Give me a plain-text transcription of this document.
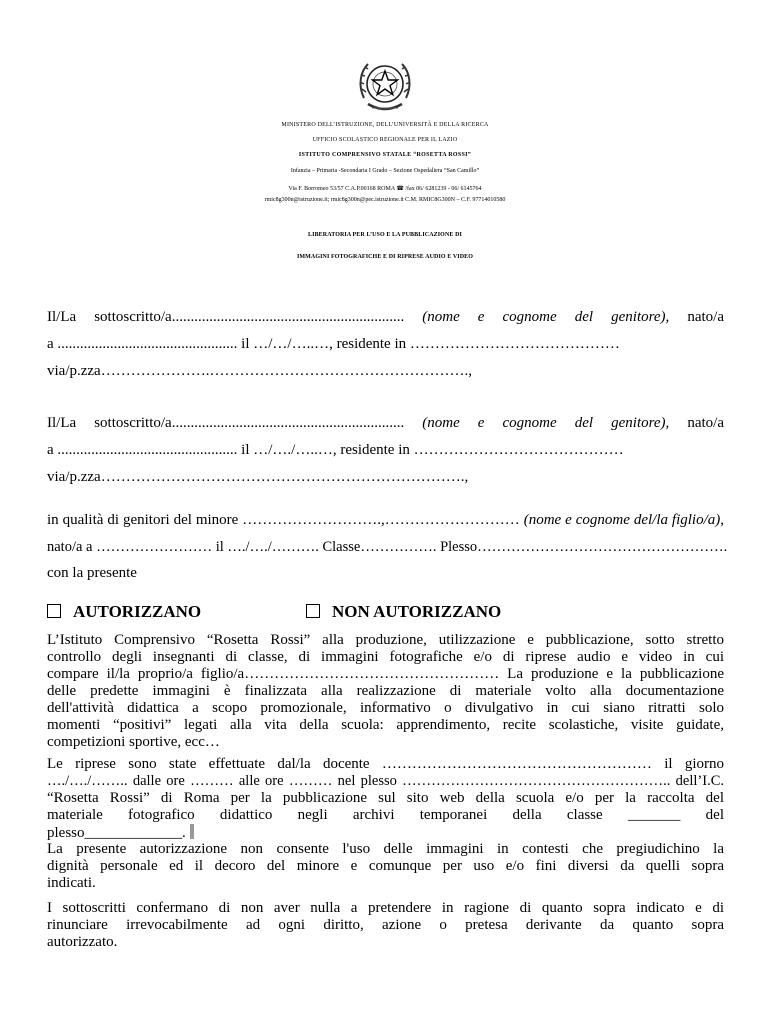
MINISTERO DELL’ISTRUZIONE, DELL’UNIVERSITÀ E DELLA RICERCA
UFFICIO SCOLASTICO REGIONALE PER IL LAZIO
ISTITUTO COMPRENSIVO STATALE “ROSETTA ROSSI”
Infanzia – Primaria -Secondaria I Grado – Sezione Ospedaliera “San Camillo”
Via F. Borromeo 53/57 C.A.P.00168 ROMA ☎ /fax 06/ 6281239 - 06/ 6145764
rmic8g300n@istruzione.it; rmic8g300n@pec.istruzione.it C.M. RMIC8G300N – C.F. 97714010580
LIBERATORIA PER L’USO E LA PUBBLICAZIONE DI
IMMAGINI FOTOGRAFICHE E DI RIPRESE AUDIO E VIDEO
Il/La sottoscritto/a.............................................................. (nome e cognome del genitore), nato/a
a ................................................ il …/…/…..…, residente in ……………………………………
via/p.zza………………….…………………………………………….,
Il/La sottoscritto/a.............................................................. (nome e cognome del genitore), nato/a
a ................................................ il …/…./…..…, residente in ……………………………………
via/p.zza……………………………………………………………….,
in qualità di genitori del minore ……………………….,……………………… (nome e cognome del/la figlio/a),
nato/a a …………………… il …./…./………. Classe……………. Plesso…………………………………………….
con la presente
AUTORIZZANO	NON AUTORIZZANO
L’Istituto Comprensivo “Rosetta Rossi” alla produzione, utilizzazione e pubblicazione, sotto stretto
controllo degli insegnanti di classe, di immagini fotografiche e/o di riprese audio e video in cui
compare il/la proprio/a figlio/a…………………………………………… La produzione e la pubblicazione
delle predette immagini è finalizzata alla realizzazione di materiale volto alla documentazione
dell'attività didattica a scopo promozionale, informativo o divulgativo in cui siano ritratti solo
momenti “positivi” legati alla vita della scuola: apprendimento, recite scolastiche, visite guidate,
competizioni sportive, ecc…
Le riprese sono state effettuate dal/la docente ……………………………………………… il giorno
…./…./…….. dalle ore ……… alle ore ……… nel plesso ……………………………………………….. dell’I.C.
“Rosetta Rossi” di Roma per la pubblicazione sul sito web della scuola e/o per la raccolta del
materiale fotografico didattico negli archivi temporanei della classe _______ del
plesso_____________.
La presente autorizzazione non consente l'uso delle immagini in contesti che pregiudichino la
dignità personale ed il decoro del minore e comunque per uso e/o fini diversi da quelli sopra
indicati.
I sottoscritti confermano di non aver nulla a pretendere in ragione di quanto sopra indicato e di
rinunciare irrevocabilmente ad ogni diritto, azione o pretesa derivante da quanto sopra
autorizzato.
